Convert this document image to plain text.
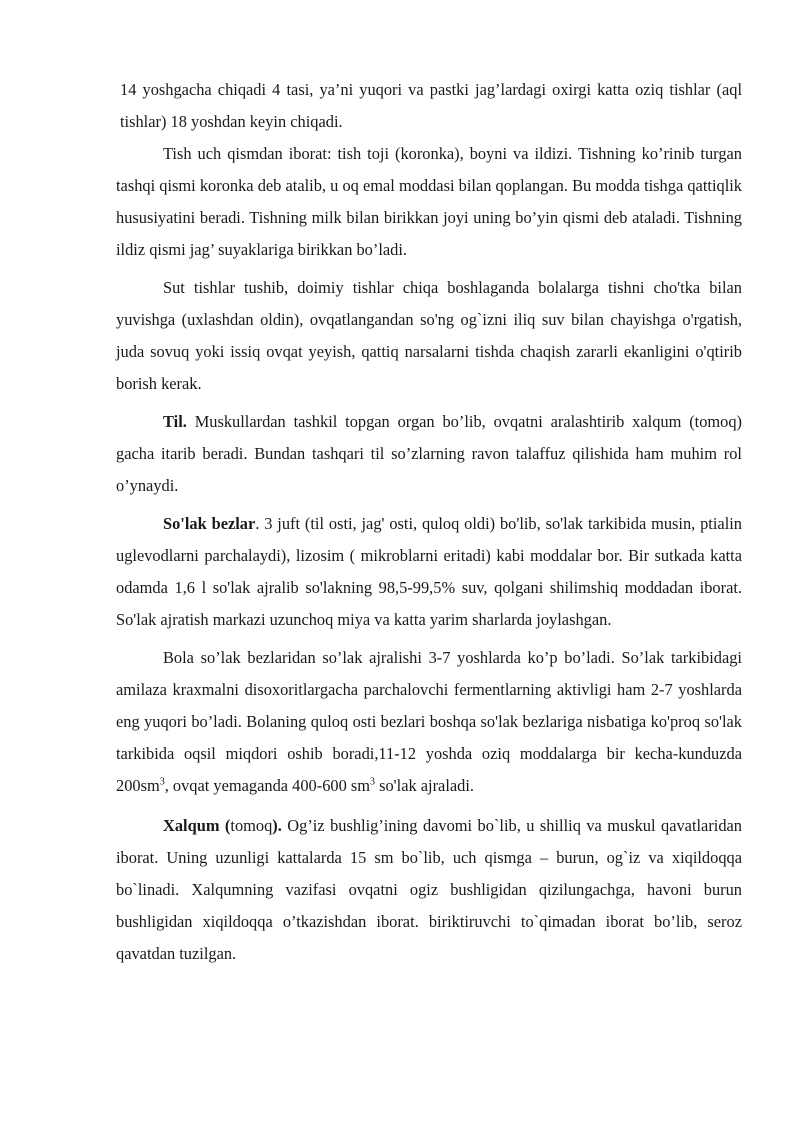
14 yoshgacha chiqadi 4 tasi, ya’ni yuqori va pastki jag’lardagi oxirgi katta oziq tishlar (aql tishlar) 18 yoshdan keyin chiqadi.

Tish uch qismdan iborat: tish toji (koronka), boyni va ildizi. Tishning ko’rinib turgan tashqi qismi koronka deb atalib, u oq emal moddasi bilan qoplangan. Bu modda tishga qattiqlik hususiyatini beradi. Tishning milk bilan birikkan joyi uning bo’yin qismi deb ataladi. Tishning ildiz qismi jag’ suyaklariga birikkan bo’ladi.

Sut tishlar tushib, doimiy tishlar chiqa boshlaganda bolalarga tishni cho'tka bilan yuvishga (uxlashdan oldin), ovqatlangandan so'ng og`izni iliq suv bilan chayishga o'rgatish, juda sovuq yoki issiq ovqat yeyish, qattiq narsalarni tishda chaqish zararli ekanligini o'qtirib borish kerak.

Til. Muskullardan tashkil topgan organ bo’lib, ovqatni aralashtirib xalqum (tomoq) gacha itarib beradi. Bundan tashqari til so’zlarning ravon talaffuz qilishida ham muhim rol o’ynaydi.

So'lak bezlar. 3 juft (til osti, jag' osti, quloq oldi) bo'lib, so'lak tarkibida musin, ptialin uglevodlarni parchalaydi), lizosim ( mikroblarni eritadi) kabi moddalar bor. Bir sutkada katta odamda 1,6 l so'lak ajralib so'lakning 98,5-99,5% suv, qolgani shilimshiq moddadan iborat. So'lak ajratish markazi uzunchoq miya va katta yarim sharlarda joylashgan.

Bola so’lak bezlaridan so’lak ajralishi 3-7 yoshlarda ko’p bo’ladi. So’lak tarkibidagi amilaza kraxmalni disoxoritlargacha parchalovchi fermentlarning aktivligi ham 2-7 yoshlarda eng yuqori bo’ladi. Bolaning quloq osti bezlari boshqa so'lak bezlariga nisbatiga ko'proq so'lak tarkibida oqsil miqdori oshib boradi,11-12 yoshda oziq moddalarga bir kecha-kunduzda $200sm^3$, ovqat yemaganda 400-600 $sm^3$ so'lak ajraladi.

Xalqum (tomoq). Og’iz bushlig’ining davomi bo`lib, u shilliq va muskul qavatlaridan iborat. Uning uzunligi kattalarda 15 sm bo`lib, uch qismga – burun, og`iz va xiqildoqqa bo`linadi. Xalqumning vazifasi ovqatni ogiz bushligidan qizilungachga, havoni burun bushligidan xiqildoqqa o’tkazishdan iborat. biriktiruvchi to`qimadan iborat bo’lib, seroz qavatdan tuzilgan.
